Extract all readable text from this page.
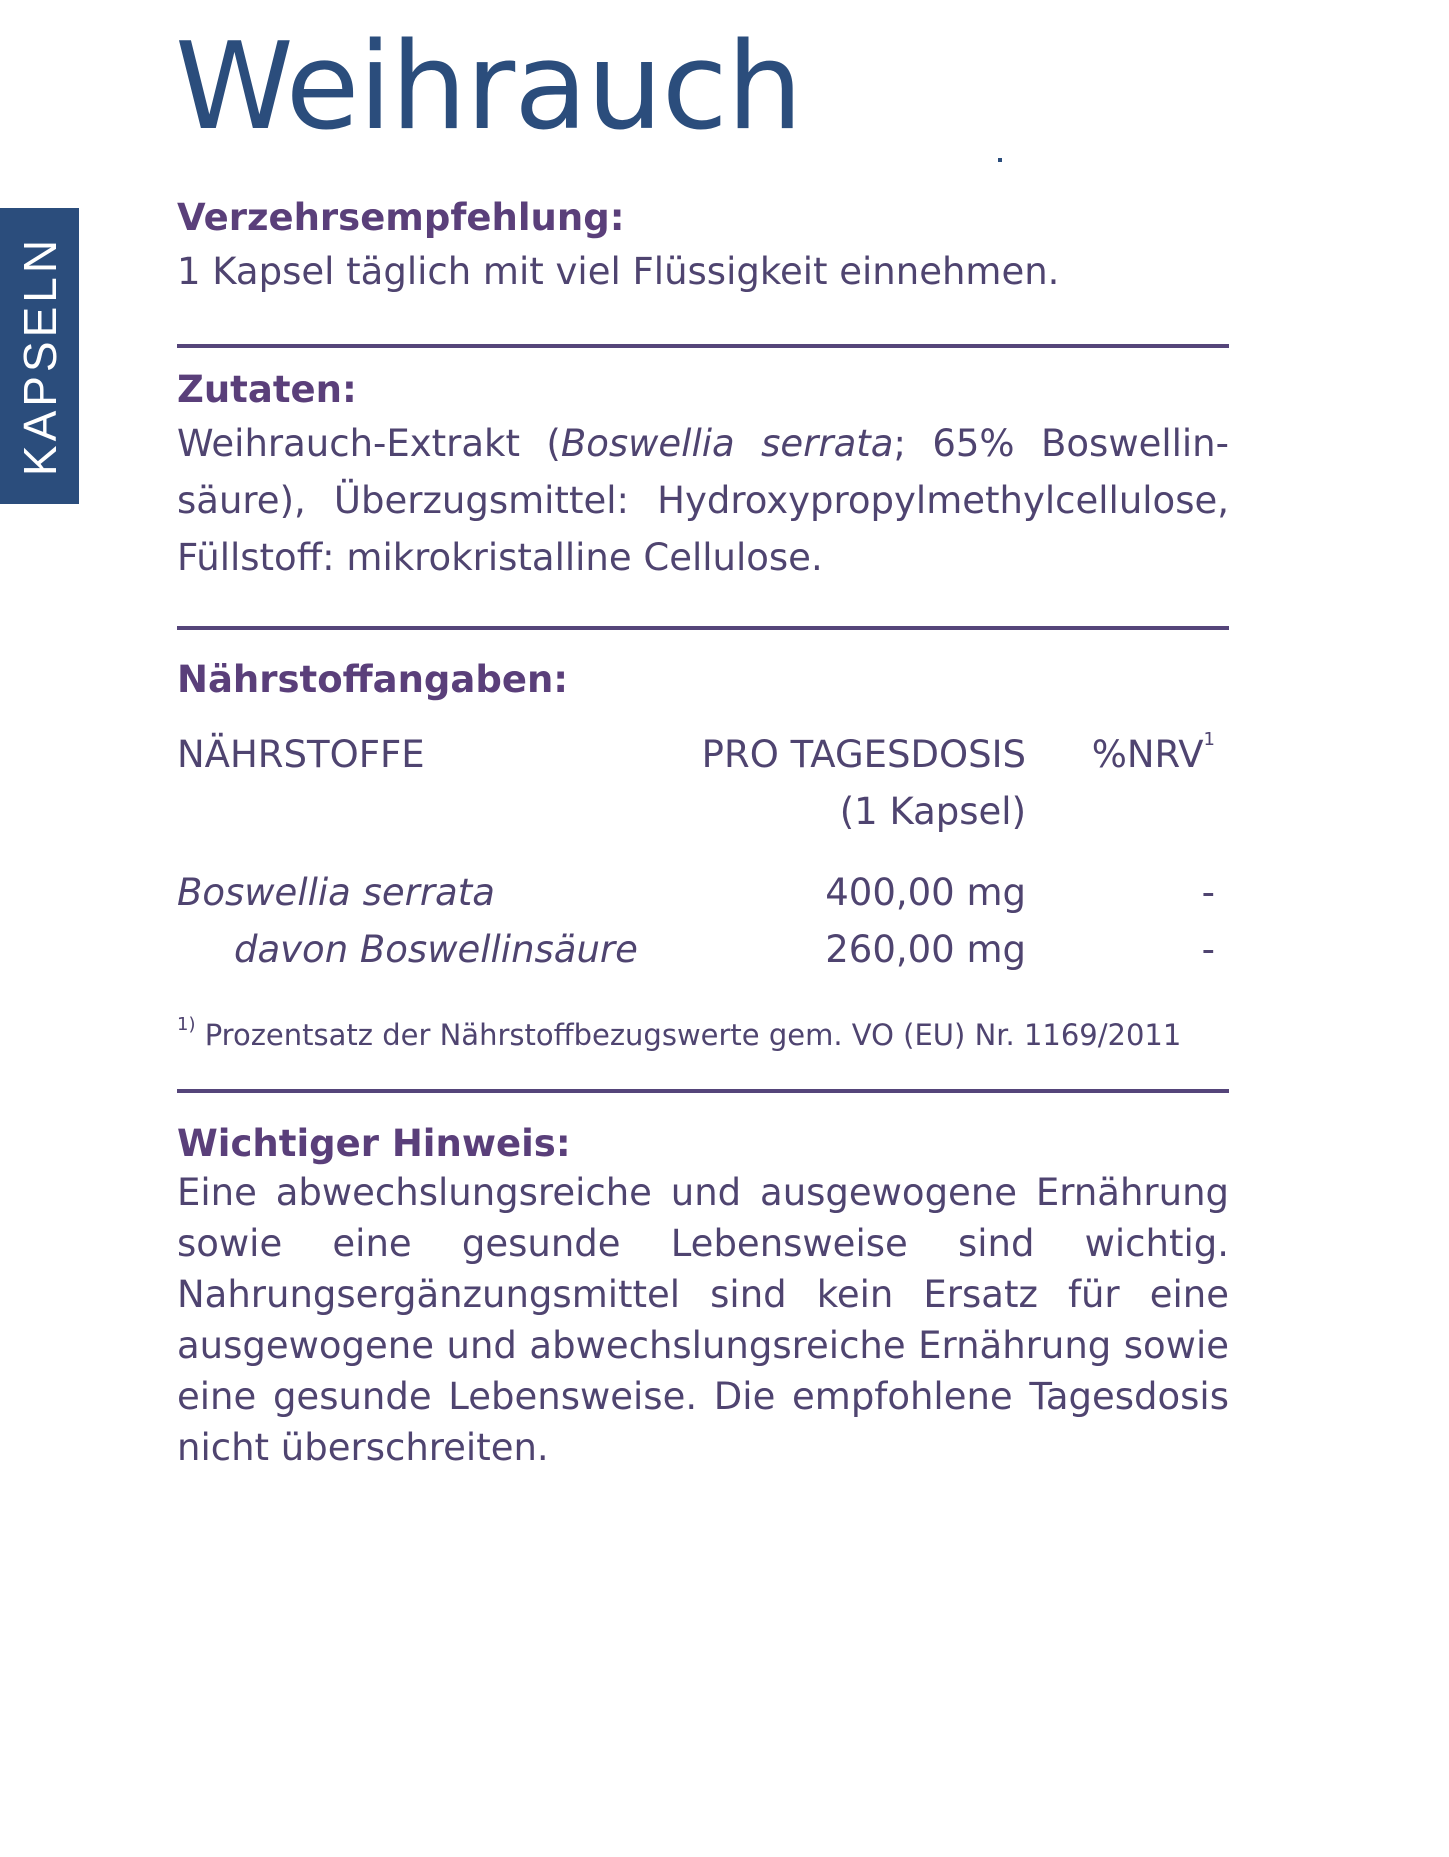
KAPSELN
Weihrauch
Verzehrsempfehlung:
1 Kapsel täglich mit viel Flüssigkeit einnehmen.
Zutaten:
Weihrauch-Extrakt (Boswellia serrata; 65% Boswellinsäure), Überzugsmittel: Hydroxypropylmethylcellulose, Füllstoff: mikrokristalline Cellulose.
Nährstoffangaben:
NÄHRSTOFFE	PRO TAGESDOSIS %NRV$^1$
(1 Kapsel)
Boswellia serrata	400,00 mg	-
davon Boswellinsäure	260,00 mg	-
$^{1)}$ Prozentsatz der Nährstoffbezugswerte gem. VO (EU) Nr. 1169/2011
Wichtiger Hinweis:
Eine abwechslungsreiche und ausgewogene Ernährung sowie eine gesunde Lebensweise sind wichtig. Nahrungsergänzungsmittel sind kein Ersatz für eine ausgewogene und abwechslungsreiche Ernährung sowie eine gesunde Lebensweise. Die empfohlene Tagesdosis nicht überschreiten.
